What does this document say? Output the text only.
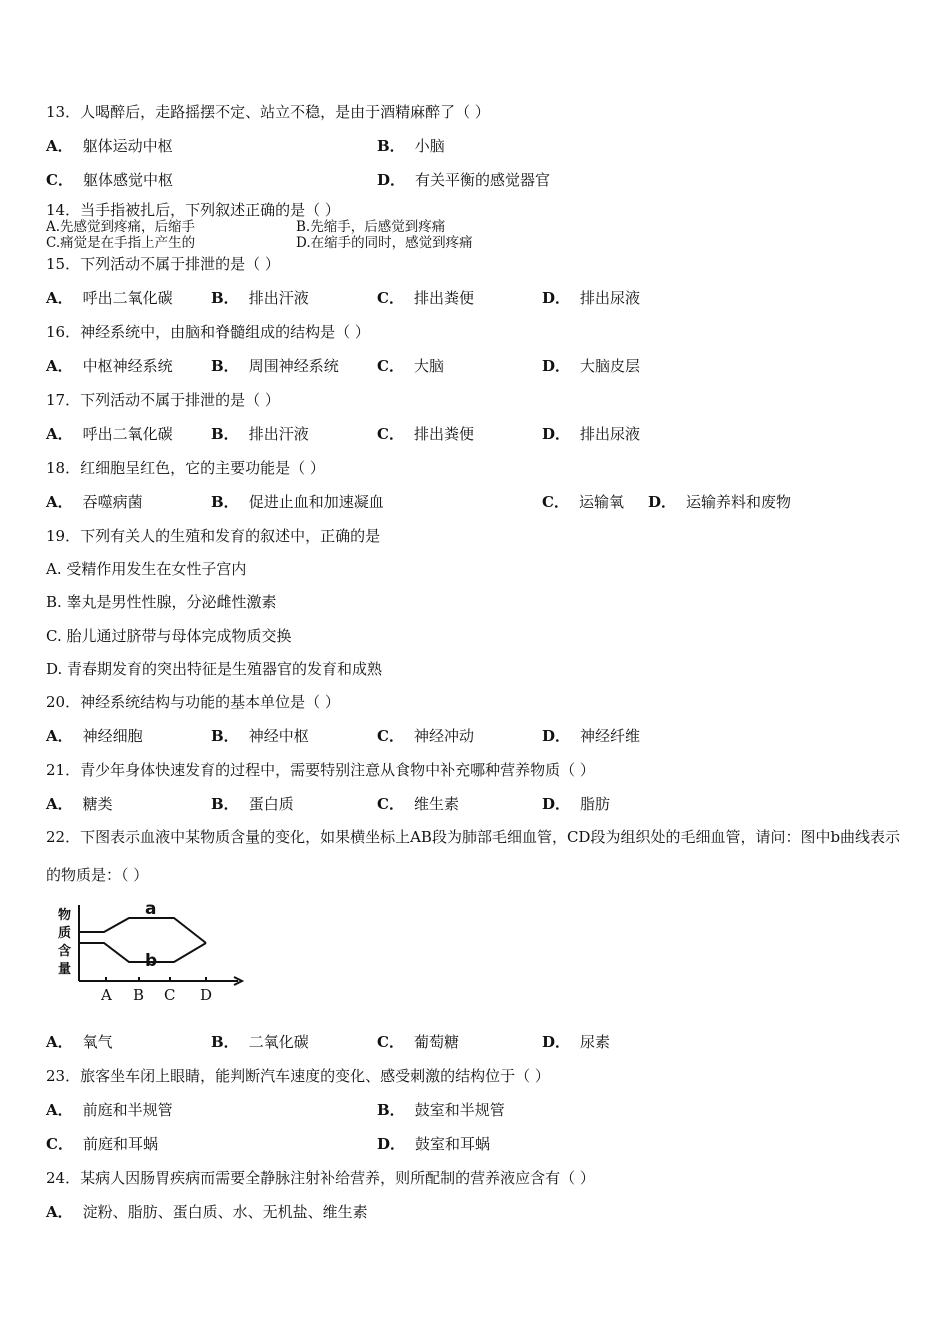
13．人喝醉后，走路摇摆不定、站立不稳，是由于酒精麻醉了（ ）
A． 躯体运动中枢	B． 小脑
C． 躯体感觉中枢	D． 有关平衡的感觉器官
14．当手指被扎后，下列叙述正确的是（ ）
A.先感觉到疼痛，后缩手	B.先缩手，后感觉到疼痛
C.痛觉是在手指上产生的	D.在缩手的同时，感觉到疼痛
15．下列活动不属于排泄的是（ ）
A． 呼出二氧化碳	B． 排出汗液	C． 排出粪便	D． 排出尿液
16．神经系统中，由脑和脊髓组成的结构是（ ）
A． 中枢神经系统	B． 周围神经系统	C． 大脑	D． 大脑皮层
17．下列活动不属于排泄的是（ ）
A． 呼出二氧化碳	B． 排出汗液	C． 排出粪便	D． 排出尿液
18．红细胞呈红色，它的主要功能是（ ）
A． 吞噬病菌	B． 促进止血和加速凝血	C． 运输氧 D． 运输养料和废物
19．下列有关人的生殖和发育的叙述中，正确的是
A. 受精作用发生在女性子宫内
B. 睾丸是男性性腺，分泌雌性激素
C. 胎儿通过脐带与母体完成物质交换
D. 青春期发育的突出特征是生殖器官的发育和成熟
20．神经系统结构与功能的基本单位是（ ）
A． 神经细胞	B． 神经中枢	C． 神经冲动	D． 神经纤维
21．青少年身体快速发育的过程中，需要特别注意从食物中补充哪种营养物质（ ）
A． 糖类	B． 蛋白质	C． 维生素	D． 脂肪
22．下图表示血液中某物质含量的变化，如果横坐标上AB段为肺部毛细血管，CD段为组织处的毛细血管，请问：图中b曲线表示的物质是：（ ）
物
质
含
量
a
b
A B C D
A． 氧气	B． 二氧化碳	C． 葡萄糖	D． 尿素
23．旅客坐车闭上眼睛，能判断汽车速度的变化、感受刺激的结构位于（ ）
A． 前庭和半规管	B． 鼓室和半规管
C． 前庭和耳蜗	D． 鼓室和耳蜗
24．某病人因肠胃疾病而需要全静脉注射补给营养，则所配制的营养液应含有（ ）
A． 淀粉、脂肪、蛋白质、水、无机盐、维生素
